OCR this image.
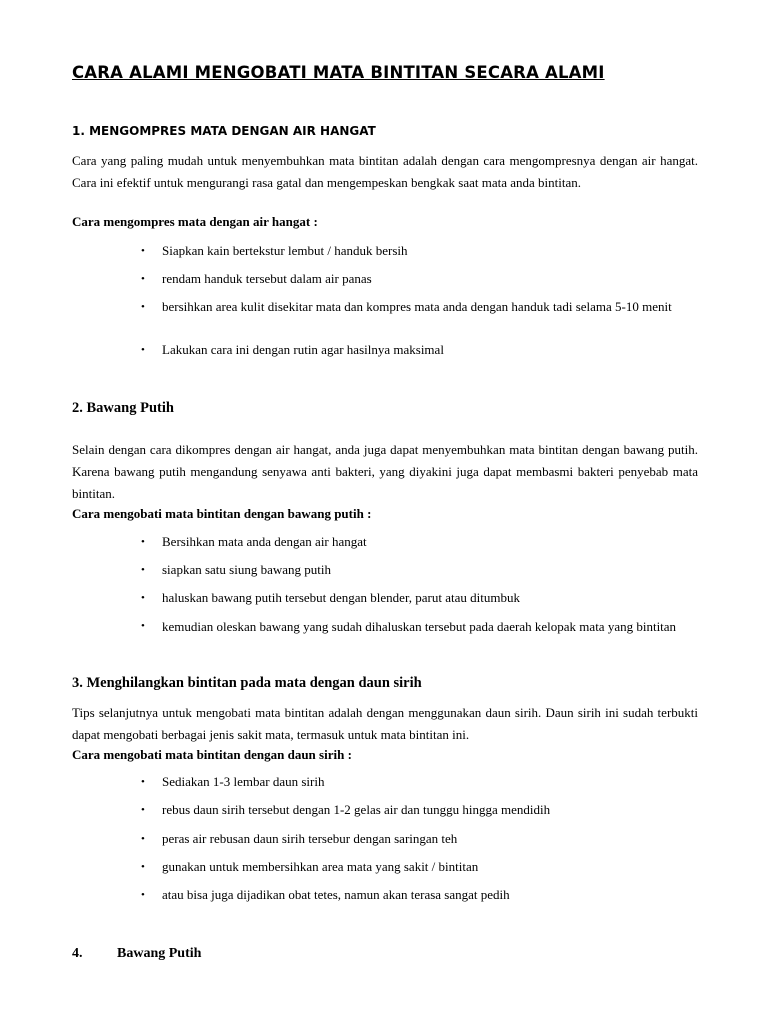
CARA ALAMI MENGOBATI MATA BINTITAN SECARA ALAMI
1. MENGOMPRES MATA DENGAN AIR HANGAT

Cara yang paling mudah untuk menyembuhkan mata bintitan adalah dengan cara mengompresnya dengan air hangat. Cara ini efektif untuk mengurangi rasa gatal dan mengempeskan bengkak saat mata anda bintitan.

Cara mengompres mata dengan air hangat :

• Siapkan kain bertekstur lembut / handuk bersih
• rendam handuk tersebut dalam air panas
• bersihkan area kulit disekitar mata dan kompres mata anda dengan handuk tadi selama 5-10 menit
• Lakukan cara ini dengan rutin agar hasilnya maksimal
2. Bawang Putih

Selain dengan cara dikompres dengan air hangat, anda juga dapat menyembuhkan mata bintitan dengan bawang putih. Karena bawang putih mengandung senyawa anti bakteri, yang diyakini juga dapat membasmi bakteri penyebab mata bintitan.

Cara mengobati mata bintitan dengan bawang putih :

• Bersihkan mata anda dengan air hangat
• siapkan satu siung bawang putih
• haluskan bawang putih tersebut dengan blender, parut atau ditumbuk
• kemudian oleskan bawang yang sudah dihaluskan tersebut pada daerah kelopak mata yang bintitan
3. Menghilangkan bintitan pada mata dengan daun sirih

Tips selanjutnya untuk mengobati mata bintitan adalah dengan menggunakan daun sirih. Daun sirih ini sudah terbukti dapat mengobati berbagai jenis sakit mata, termasuk untuk mata bintitan ini.

Cara mengobati mata bintitan dengan daun sirih :

• Sediakan 1-3 lembar daun sirih
• rebus daun sirih tersebut dengan 1-2 gelas air dan tunggu hingga mendidih
• peras air rebusan daun sirih tersebur dengan saringan teh
• gunakan untuk membersihkan area mata yang sakit / bintitan
• atau bisa juga dijadikan obat tetes, namun akan terasa sangat pedih
4. Bawang Putih
